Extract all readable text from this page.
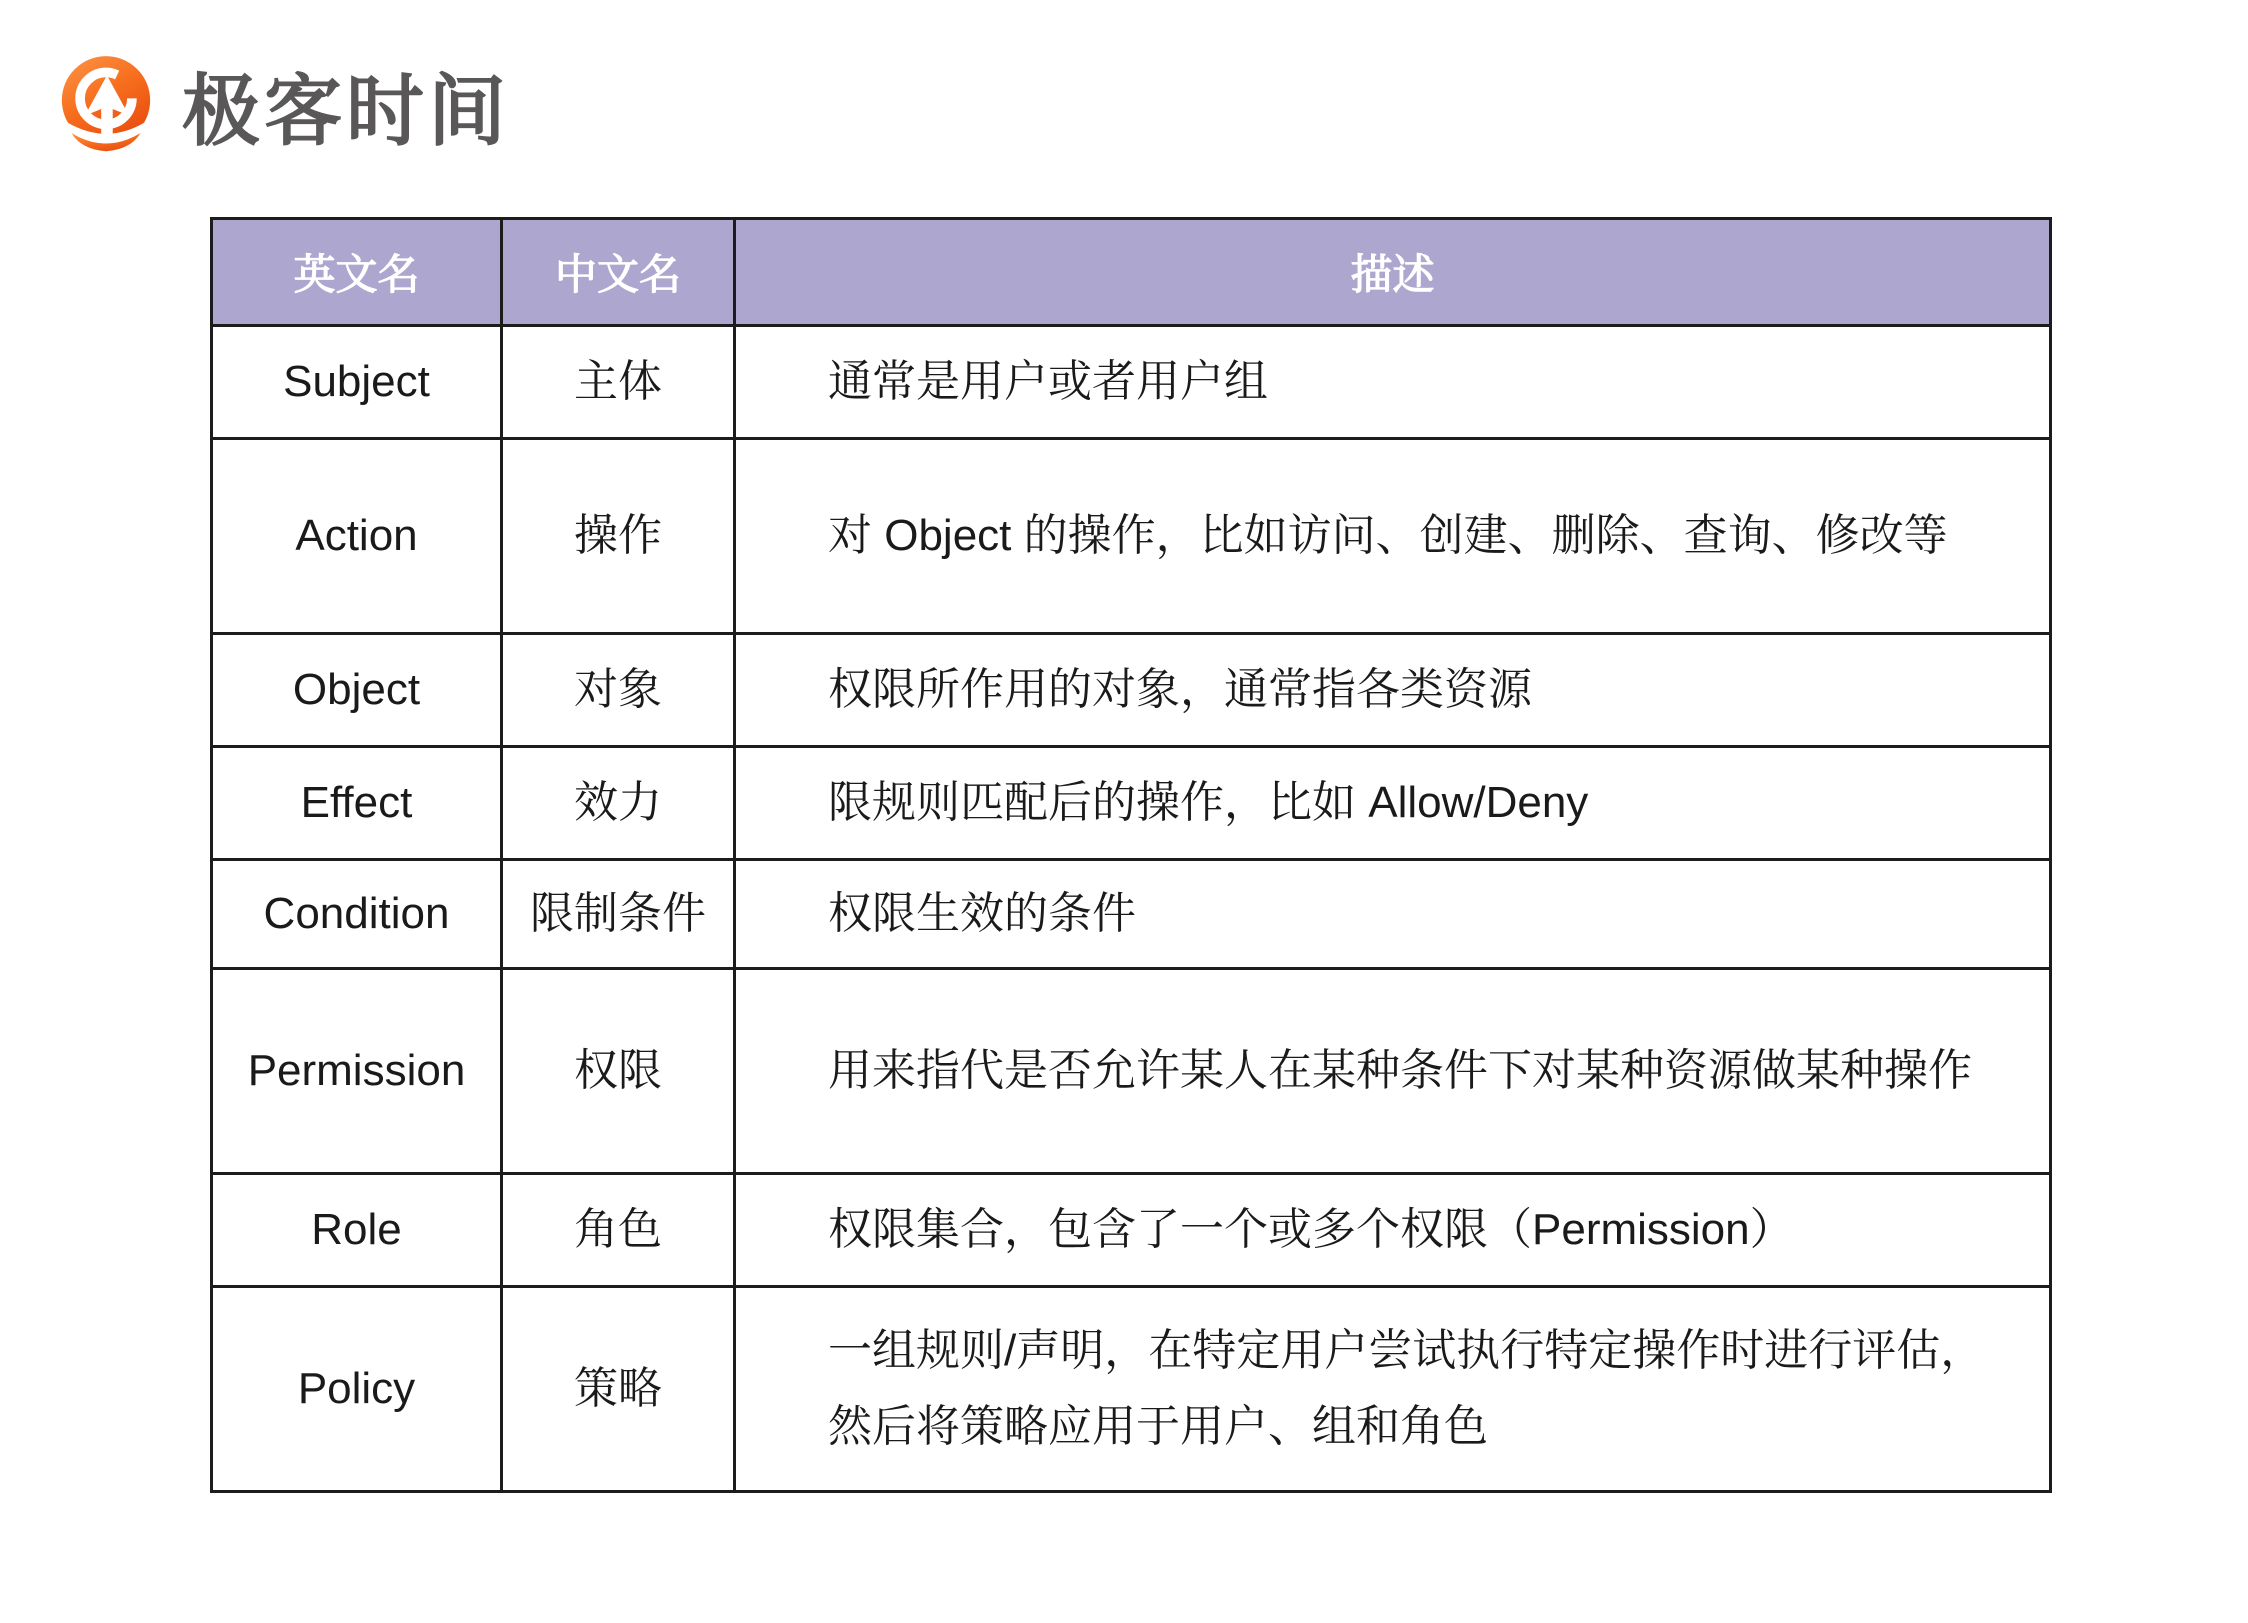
极客时间
英文名	中文名	描述
Subject	主体	通常是用户或者用户组
Action	操作	对 Object 的操作，比如访问、创建、删除、查询、修改等
Object	对象	权限所作用的对象，通常指各类资源
Effect	效力	限规则匹配后的操作，比如 Allow/Deny
Condition	限制条件	权限生效的条件
Permission	权限	用来指代是否允许某人在某种条件下对某种资源做某种操作
Role	角色	权限集合，包含了一个或多个权限（Permission）
Policy	策略	一组规则/声明，在特定用户尝试执行特定操作时进行评估，然后将策略应用于用户、组和角色
